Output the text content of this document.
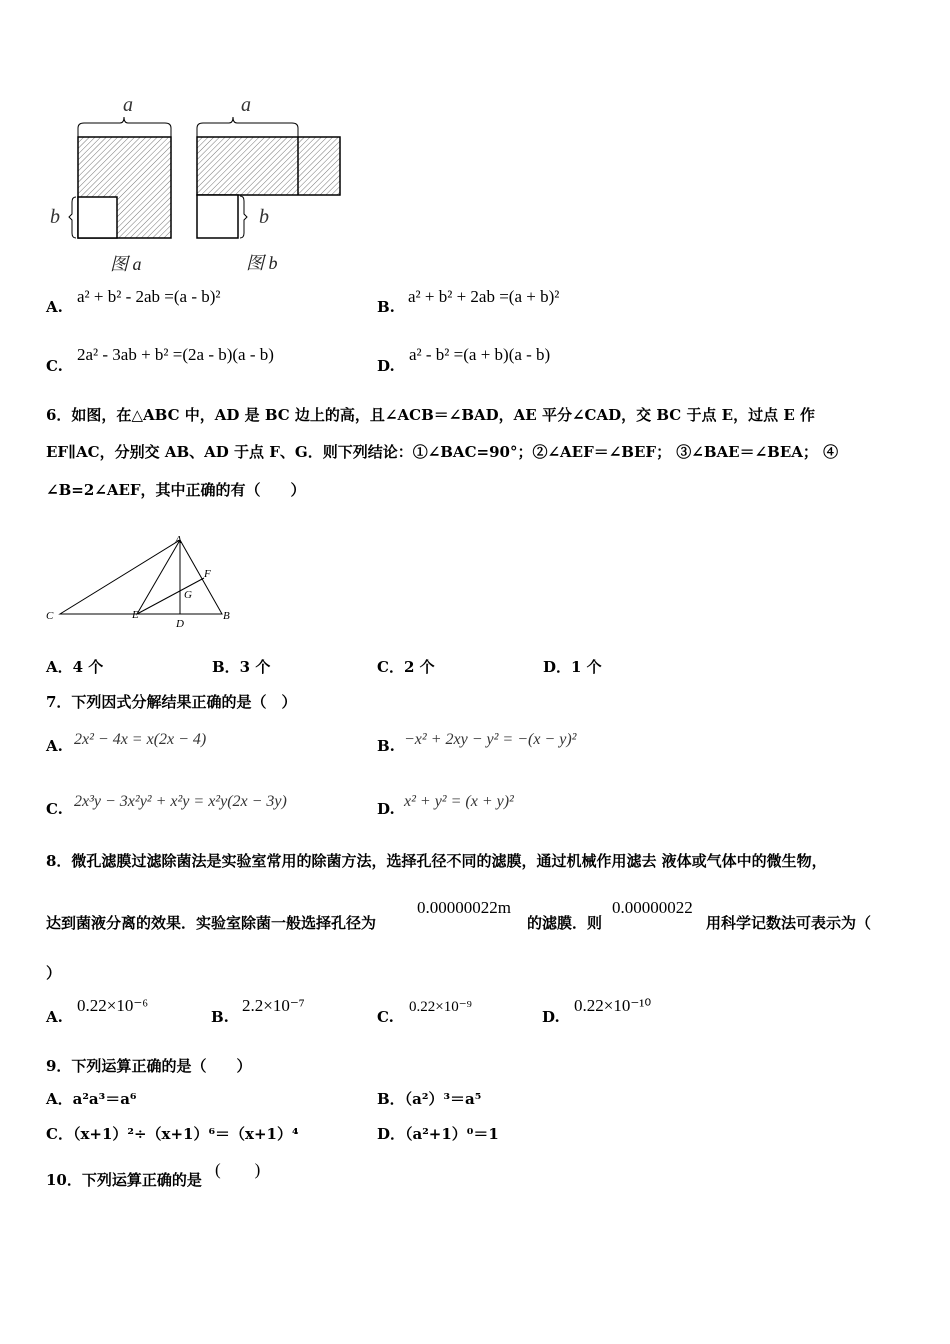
a	a
b	b
图 a	图 b
A.
a² + b² - 2ab =(a - b)²
B.
a² + b² + 2ab =(a + b)²
C.
2a² - 3ab + b² =(2a - b)(a - b)
D.
a² - b² =(a + b)(a - b)
6．如图，在△ABC 中，AD 是 BC 边上的高，且∠ACB＝∠BAD，AE 平分∠CAD，交 BC 于点 E，过点 E 作
EF∥AC，分别交 AB、AD 于点 F、G．则下列结论：①∠BAC=90°；②∠AEF＝∠BEF； ③∠BAE＝∠BEA； ④
∠B=2∠AEF，其中正确的有（　　）
A
B
C
D
E
F
G
A．4 个	B．3 个	C．2 个	D．1 个
7．下列因式分解结果正确的是（　）
A. 2x² − 4x = x(2x − 4)	B. −x² + 2xy − y² = −(x − y)²
C. 2x³y − 3x²y² + x²y = x²y(2x − 3y)	D. x² + y² = (x + y)²
8．微孔滤膜过滤除菌法是实验室常用的除菌方法，选择孔径不同的滤膜，通过机械作用滤去 液体或气体中的微生物，
达到菌液分离的效果．实验室除菌一般选择孔径为
0.00000022m
的滤膜．则
0.00000022
用科学记数法可表示为（
）
A.
0.22×10⁻⁶
B.
2.2×10⁻⁷
C.
0.22×10⁻⁹
D.
0.22×10⁻¹⁰
9．下列运算正确的是（　　）
A．a²a³＝a⁶	B．（a²）³＝a⁵
C．（x+1）²÷（x+1）⁶＝（x+1）⁴	D．（a²+1）⁰＝1
10．下列运算正确的是
(　　)
